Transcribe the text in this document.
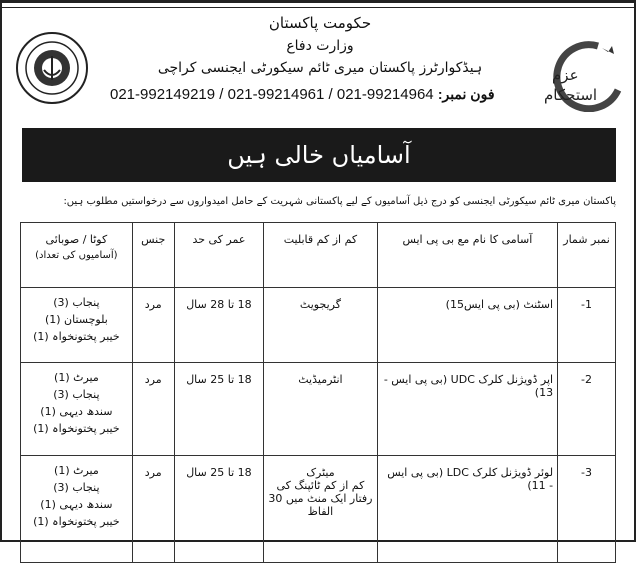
عزم
استحکام
حکومت پاکستان
وزارت دفاع
ہیڈکوارٹرز پاکستان میری ٹائم سیکورٹی ایجنسی کراچی
021-992149219 / 021-99214961 / 021-99214964 فون نمبر:
آسامیاں خالی ہیں
پاکستان میری ٹائم سیکورٹی ایجنسی کو درج ذیل آسامیوں کے لیے پاکستانی شہریت کے حامل امیدواروں سے درخواستیں مطلوب ہیں:
نمبر شمار	آسامی کا نام مع بی پی ایس	کم از کم قابلیت	عمر کی حد	جنس	کوٹا / صوبائی
(آسامیوں کی تعداد)

-1	اسٹنٹ (بی پی ایس15)	گریجویٹ	18 تا 28 سال	مرد	پنجاب (3)
بلوچستان (1)
خیبر پختونخواہ (1)

-2	اپر ڈویژنل کلرک UDC (بی پی ایس - 13)	انٹرمیڈیٹ	18 تا 25 سال	مرد	میرٹ (1)
پنجاب (3)
سندھ دیہی (1)
خیبر پختونخواہ (1)

-3	لوئر ڈویژنل کلرک LDC (بی پی ایس - 11)	میٹرک
کم از کم ٹائپنگ کی رفتار ایک منٹ میں 30 الفاظ	18 تا 25 سال	مرد	میرٹ (1)
پنجاب (3)
سندھ دیہی (1)
خیبر پختونخواہ (1)
